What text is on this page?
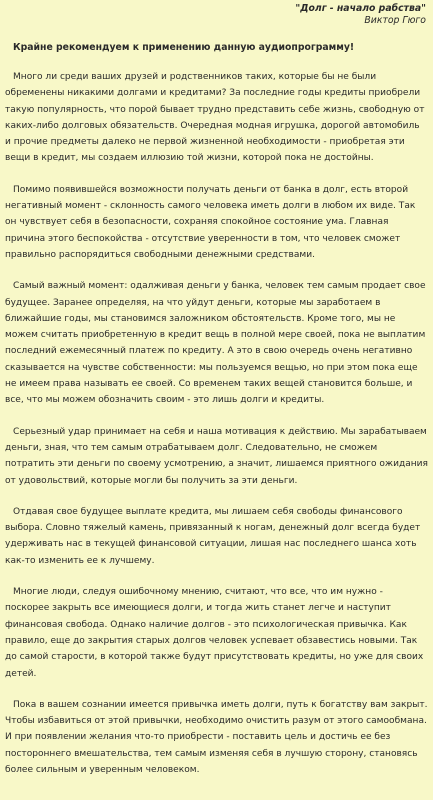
"Долг - начало рабства"
Виктор Гюго
Крайне рекомендуем к применению данную аудиопрограмму!

Много ли среди ваших друзей и родственников таких, которые бы не были обременены никакими долгами и кредитами? За последние годы кредиты приобрели такую популярность, что порой бывает трудно представить себе жизнь, свободную от каких-либо долговых обязательств. Очередная модная игрушка, дорогой автомобиль и прочие предметы далеко не первой жизненной необходимости - приобретая эти вещи в кредит, мы создаем иллюзию той жизни, которой пока не достойны.

Помимо появившейся возможности получать деньги от банка в долг, есть второй негативный момент - склонность самого человека иметь долги в любом их виде. Так он чувствует себя в безопасности, сохраняя спокойное состояние ума. Главная причина этого беспокойства - отсутствие уверенности в том, что человек сможет правильно распорядиться свободными денежными средствами.

Самый важный момент: одалживая деньги у банка, человек тем самым продает свое будущее. Заранее определяя, на что уйдут деньги, которые мы заработаем в ближайшие годы, мы становимся заложником обстоятельств. Кроме того, мы не можем считать приобретенную в кредит вещь в полной мере своей, пока не выплатим последний ежемесячный платеж по кредиту. А это в свою очередь очень негативно сказывается на чувстве собственности: мы пользуемся вещью, но при этом пока еще не имеем права называть ее своей. Со временем таких вещей становится больше, и все, что мы можем обозначить своим - это лишь долги и кредиты.

Серьезный удар принимает на себя и наша мотивация к действию. Мы зарабатываем деньги, зная, что тем самым отрабатываем долг. Следовательно, не сможем потратить эти деньги по своему усмотрению, а значит, лишаемся приятного ожидания от удовольствий, которые могли бы получить за эти деньги.

Отдавая свое будущее выплате кредита, мы лишаем себя свободы финансового выбора. Словно тяжелый камень, привязанный к ногам, денежный долг всегда будет удерживать нас в текущей финансовой ситуации, лишая нас последнего шанса хоть как-то изменить ее к лучшему.

Многие люди, следуя ошибочному мнению, считают, что все, что им нужно - поскорее закрыть все имеющиеся долги, и тогда жить станет легче и наступит финансовая свобода. Однако наличие долгов - это психологическая привычка. Как правило, еще до закрытия старых долгов человек успевает обзавестись новыми. Так до самой старости, в которой также будут присутствовать кредиты, но уже для своих детей.

Пока в вашем сознании имеется привычка иметь долги, путь к богатству вам закрыт. Чтобы избавиться от этой привычки, необходимо очистить разум от этого самообмана. И при появлении желания что-то приобрести - поставить цель и достичь ее без постороннего вмешательства, тем самым изменяя себя в лучшую сторону, становясь более сильным и уверенным человеком.
